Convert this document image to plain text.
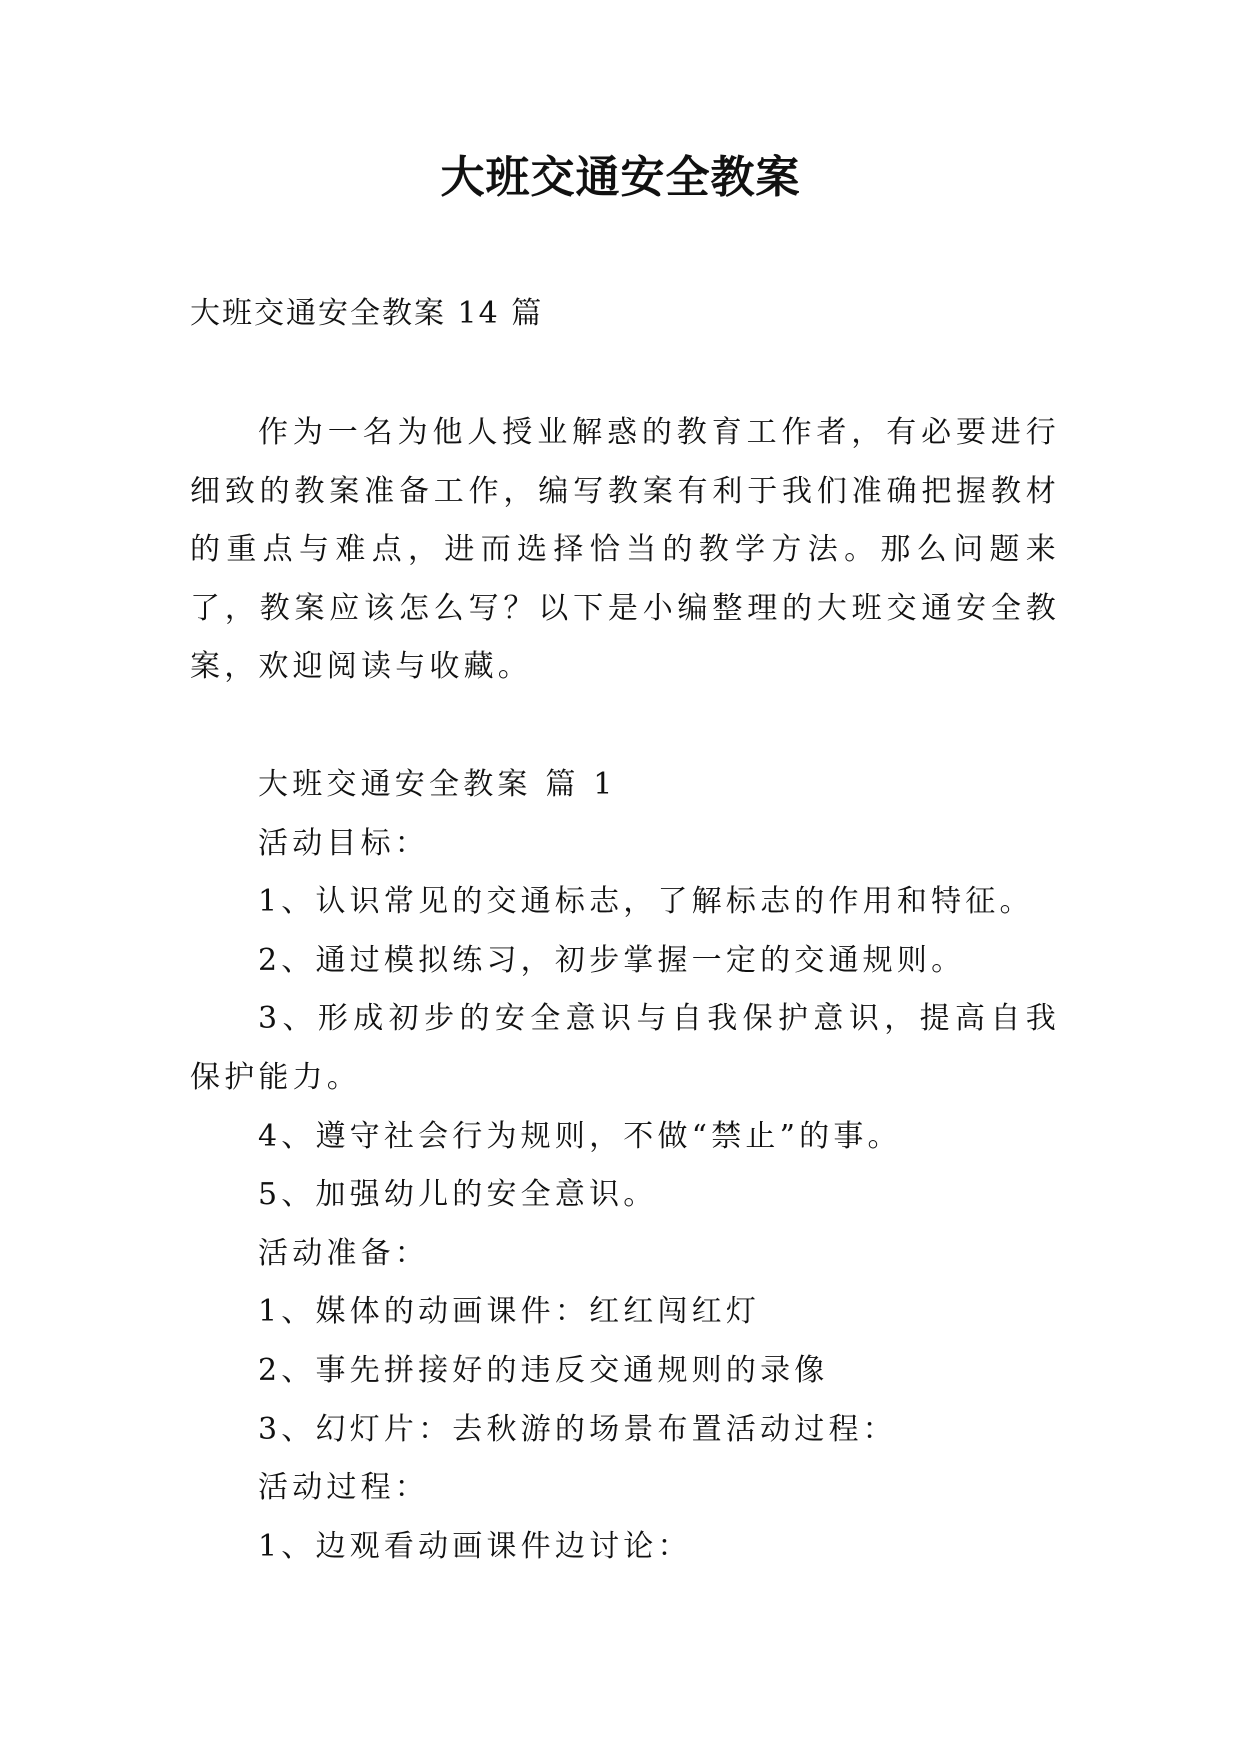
大班交通安全教案
大班交通安全教案 14 篇

作为一名为他人授业解惑的教育工作者，有必要进行细致的教案准备工作，编写教案有利于我们准确把握教材的重点与难点，进而选择恰当的教学方法。那么问题来了，教案应该怎么写？以下是小编整理的大班交通安全教案，欢迎阅读与收藏。

大班交通安全教案 篇 1

活动目标：

1、认识常见的交通标志，了解标志的作用和特征。

2、通过模拟练习，初步掌握一定的交通规则。

3、形成初步的安全意识与自我保护意识，提高自我保护能力。

4、遵守社会行为规则，不做“禁止”的事。

5、加强幼儿的安全意识。

活动准备：

1、媒体的动画课件：红红闯红灯

2、事先拼接好的违反交通规则的录像

3、幻灯片：去秋游的场景布置活动过程：

活动过程：

1、边观看动画课件边讨论：
